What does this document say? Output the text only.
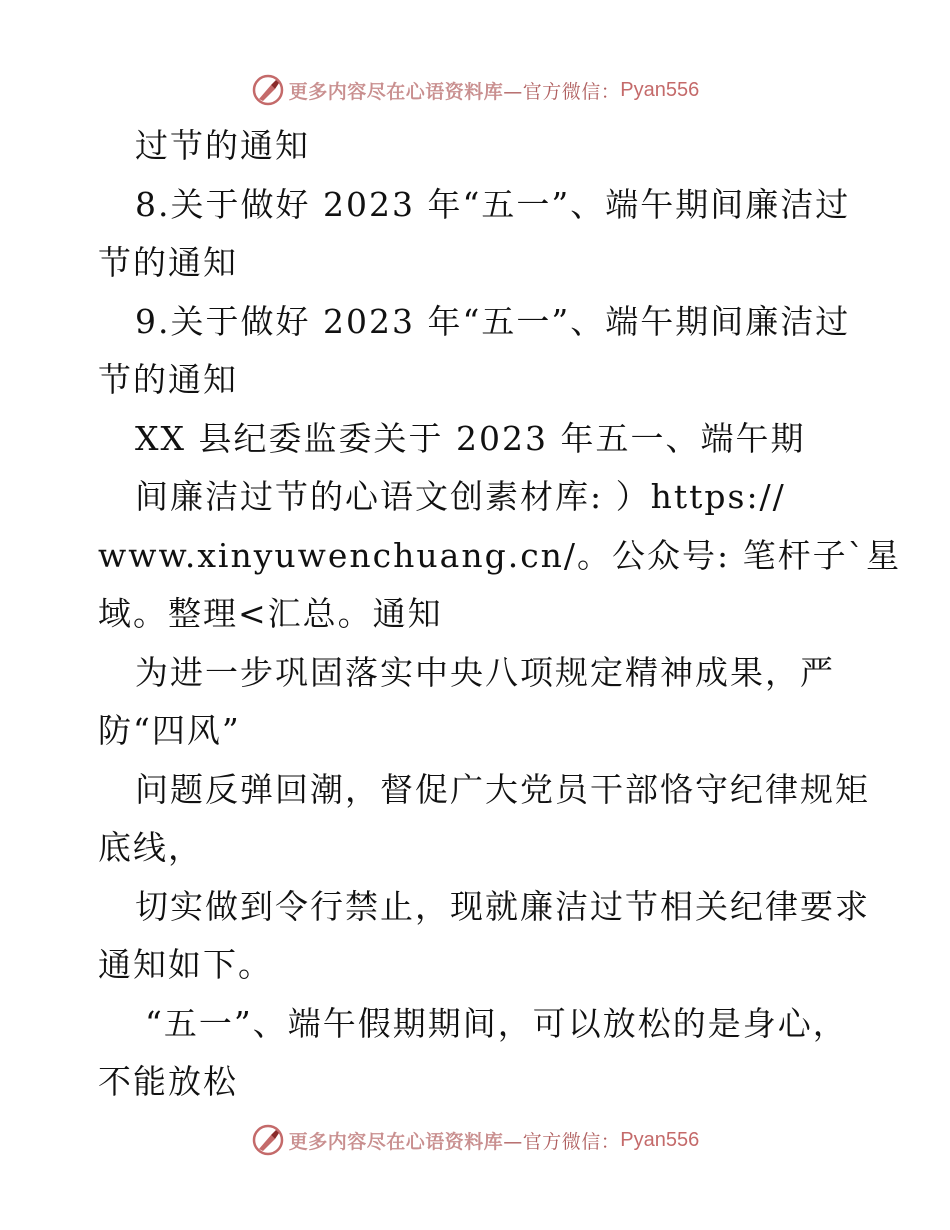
更多内容尽在心语资料库 —官方微信： Pyan556
过节的通知
8.关于做好 2023 年“五一”、端午期间廉洁过
节的通知
9.关于做好 2023 年“五一”、端午期间廉洁过
节的通知
XX 县纪委监委关于 2023 年五一、端午期
间廉洁过节的心语文创素材库: ）https://
www.xinyuwenchuang.cn/。公众号: 笔杆子`星
域。整理<汇总。通知
为进一步巩固落实中央八项规定精神成果，严
防“四风”
问题反弹回潮，督促广大党员干部恪守纪律规矩
底线，
切实做到令行禁止，现就廉洁过节相关纪律要求
通知如下。
“五一”、端午假期期间，可以放松的是身心，
不能放松
更多内容尽在心语资料库 —官方微信： Pyan556
